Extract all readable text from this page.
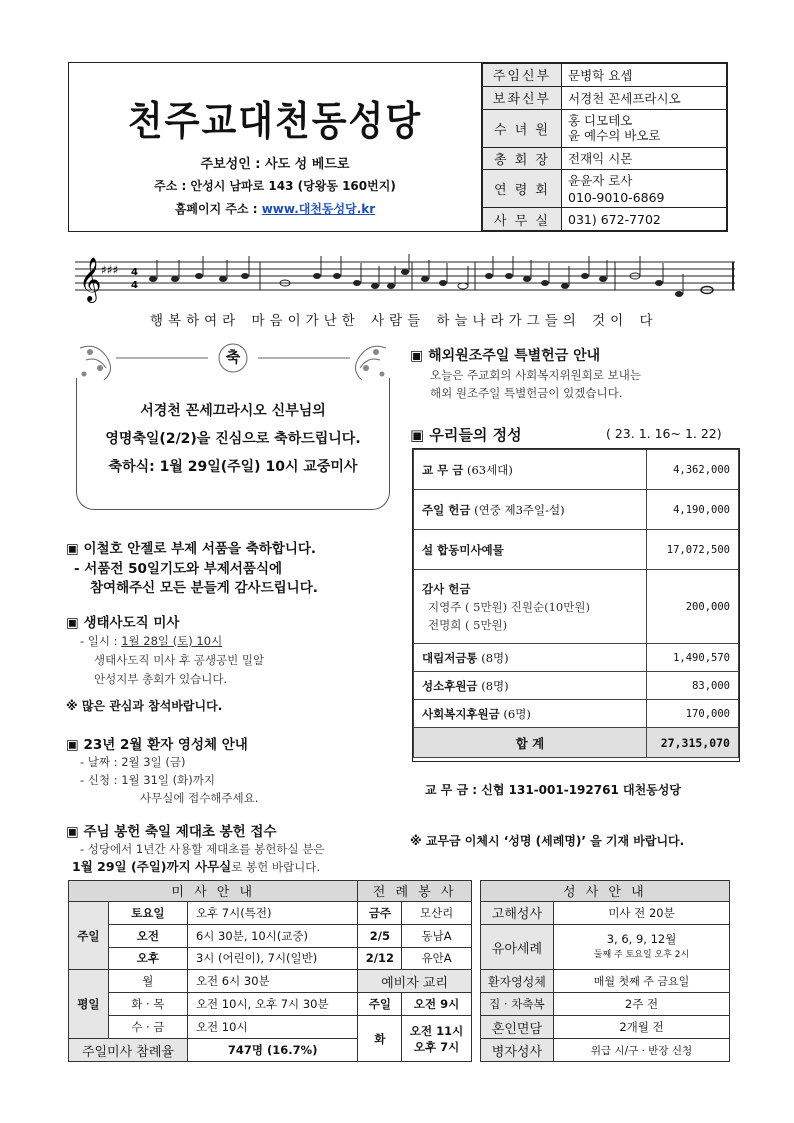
천주교대천동성당
주보성인 : 사도 성 베드로
주소 : 안성시 남파로 143 (당왕동 160번지)
홈페이지 주소 : www.대천동성당.kr
주임신부	문병학 요셉
보좌신부	서경천 꼰세프라시오
수 녀 원	홍 디모테오
윤 예수의 바오로
총 회 장	전재익 시몬
연 령 회	윤윤자 로사
010-9010-6869
사 무 실	031) 672-7702
𝄞 ♯♯♯ 4
4
행복하여라 마음이가난한 사람들 하늘나라가그들의 것이 다
축
서경천 꼰세끄라시오 신부님의
영명축일(2/2)을 진심으로 축하드립니다.
축하식: 1월 29일(주일) 10시 교중미사
▣ 이철호 안젤로 부제 서품을 축하합니다.
- 서품전 50일기도와 부제서품식에
참여해주신 모든 분들게 감사드립니다.
▣ 생태사도직 미사
- 일시 : 1월 28일 (토) 10시
생태사도직 미사 후 공생공빈 밀알
안성지부 총회가 있습니다.
※ 많은 관심과 참석바랍니다.
▣ 23년 2월 환자 영성체 안내
- 날짜 : 2월 3일 (금)
- 신청 : 1월 31일 (화)까지
사무실에 접수해주세요.
▣ 주님 봉헌 축일 제대초 봉헌 접수
- 성당에서 1년간 사용할 제대초를 봉헌하실 분은
1월 29일 (주일)까지 사무실로 봉헌 바랍니다.
▣ 해외원조주일 특별헌금 안내
오늘은 주교회의 사회복지위원회로 보내는
해외 원조주일 특별헌금이 있겠습니다.
▣ 우리들의 정성	( 23. 1. 16~ 1. 22)
교 무 금 (63세대)	4,362,000
주일 헌금 (연중 제3주일-설)	4,190,000
설 합동미사예물	17,072,500
감사 헌금
지영주 ( 5만원) 진원순(10만원)
전명희 ( 5만원)	200,000
대림저금통 (8명)	1,490,570
성소후원금 (8명)	83,000
사회복지후원금 (6명)	170,000
합 계	27,315,070
교 무 금 : 신협 131-001-192761 대천동성당
※ 교무금 이체시 ‘성명 (세례명)’ 을 기재 바랍니다.
미 사 안 내			전 례 봉 사			성 사 안 내	
주일	토요일	오후 7시(특전)	금주	모산리		고해성사	미사 전 20분
	오전	6시 30분, 10시(교중)	2/5	동남A		유아세례	3, 6, 9, 12월
둘째 주 토요일 오후 2시
	오후	3시 (어린이), 7시(일반)	2/12	유안A			
평일	월	오전 6시 30분	예비자 교리			환자영성체	매월 첫째 주 금요일
	화 · 목	오전 10시, 오후 7시 30분	주일	오전 9시		집 · 차축복	2주 전
	수 · 금	오전 10시	화	오전 11시
오후 7시		혼인면담	2개월 전
주일미사 참례율		747명 (16.7%)				병자성사	위급 시/구 · 반장 신청
